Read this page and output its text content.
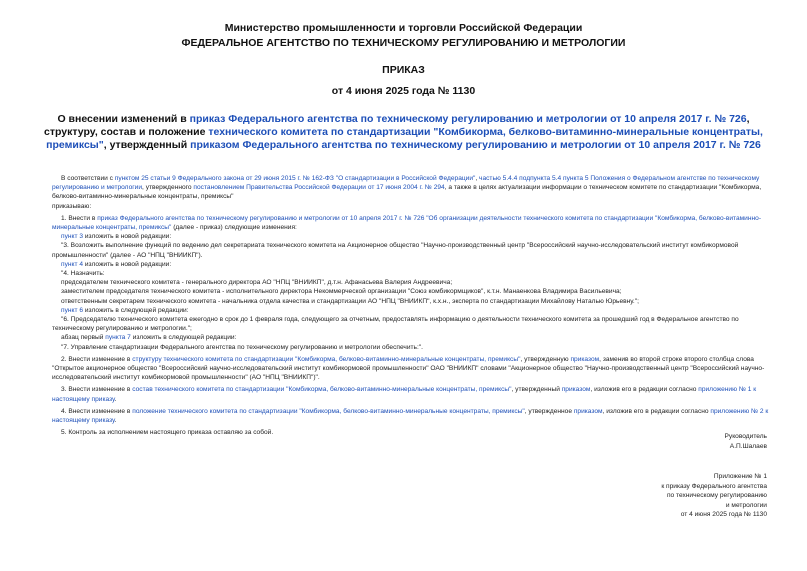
Министерство промышленности и торговли Российской Федерации
ФЕДЕРАЛЬНОЕ АГЕНТСТВО ПО ТЕХНИЧЕСКОМУ РЕГУЛИРОВАНИЮ И МЕТРОЛОГИИ
ПРИКАЗ
от 4 июня 2025 года № 1130
О внесении изменений в приказ Федерального агентства по техническому регулированию и метрологии от 10 апреля 2017 г. № 726, структуру, состав и положение технического комитета по стандартизации "Комбикорма, белково-витаминно-минеральные концентраты, премиксы", утвержденный приказом Федерального агентства по техническому регулированию и метрологии от 10 апреля 2017 г. № 726

В соответствии с пунктом 25 статьи 9 Федерального закона от 29 июня 2015 г. № 162-ФЗ "О стандартизации в Российской Федерации", частью 5.4.4 подпункта 5.4 пункта 5 Положения о Федеральном агентстве по техническому регулированию и метрологии, утвержденного постановлением Правительства Российской Федерации от 17 июня 2004 г. № 294, а также в целях актуализации информации о техническом комитете по стандартизации "Комбикорма, белково-витаминно-минеральные концентраты, премиксы"

приказываю:

1. Внести в приказ Федерального агентства по техническому регулированию и метрологии от 10 апреля 2017 г. № 726 "Об организации деятельности технического комитета по стандартизации "Комбикорма, белково-витаминно-минеральные концентраты, премиксы" (далее - приказ) следующие изменения:

пункт 3 изложить в новой редакции:

"3. Возложить выполнение функций по ведению дел секретариата технического комитета на Акционерное общество "Научно-производственный центр "Всероссийский научно-исследовательский институт комбикормовой промышленности" (далее - АО "НПЦ "ВНИИКП").

пункт 4 изложить в новой редакции:

"4. Назначить:

председателем технического комитета - генерального директора АО "НПЦ "ВНИИКП", д.т.н. Афанасьева Валерия Андреевича;

заместителем председателя технического комитета - исполнительного директора Некоммерческой организации "Союз комбикормщиков", к.т.н. Манаенкова Владимира Васильевича;

ответственным секретарем технического комитета - начальника отдела качества и стандартизации АО "НПЦ "ВНИИКП", к.х.н., эксперта по стандартизации Михайлову Наталью Юрьевну.";

пункт 6 изложить в следующей редакции:

"6. Председателю технического комитета ежегодно в срок до 1 февраля года, следующего за отчетным, предоставлять информацию о деятельности технического комитета за прошедший год в Федеральное агентство по техническому регулированию и метрологии.";

абзац первый пункта 7 изложить в следующей редакции:

"7. Управление стандартизации Федерального агентства по техническому регулированию и метрологии обеспечить:".

2. Внести изменение в структуру технического комитета по стандартизации "Комбикорма, белково-витаминно-минеральные концентраты, премиксы", утвержденную приказом, заменив во второй строке второго столбца слова "Открытое акционерное общество "Всероссийский научно-исследовательский институт комбикормовой промышленности" ОАО "ВНИИКП" словами "Акционерное общество "Научно-производственный центр "Всероссийский научно-исследовательский институт комбикормовой промышленности" (АО "НПЦ "ВНИИКП")".

3. Внести изменение в состав технического комитета по стандартизации "Комбикорма, белково-витаминно-минеральные концентраты, премиксы", утвержденный приказом, изложив его в редакции согласно приложению № 1 к настоящему приказу.

4. Внести изменение в положение технического комитета по стандартизации "Комбикорма, белково-витаминно-минеральные концентраты, премиксы", утвержденное приказом, изложив его в редакции согласно приложению № 2 к настоящему приказу.

5. Контроль за исполнением настоящего приказа оставляю за собой.

Руководитель
А.П.Шалаев
Приложение № 1
к приказу Федерального агентства
по техническому регулированию
и метрологии
от 4 июня 2025 года № 1130
